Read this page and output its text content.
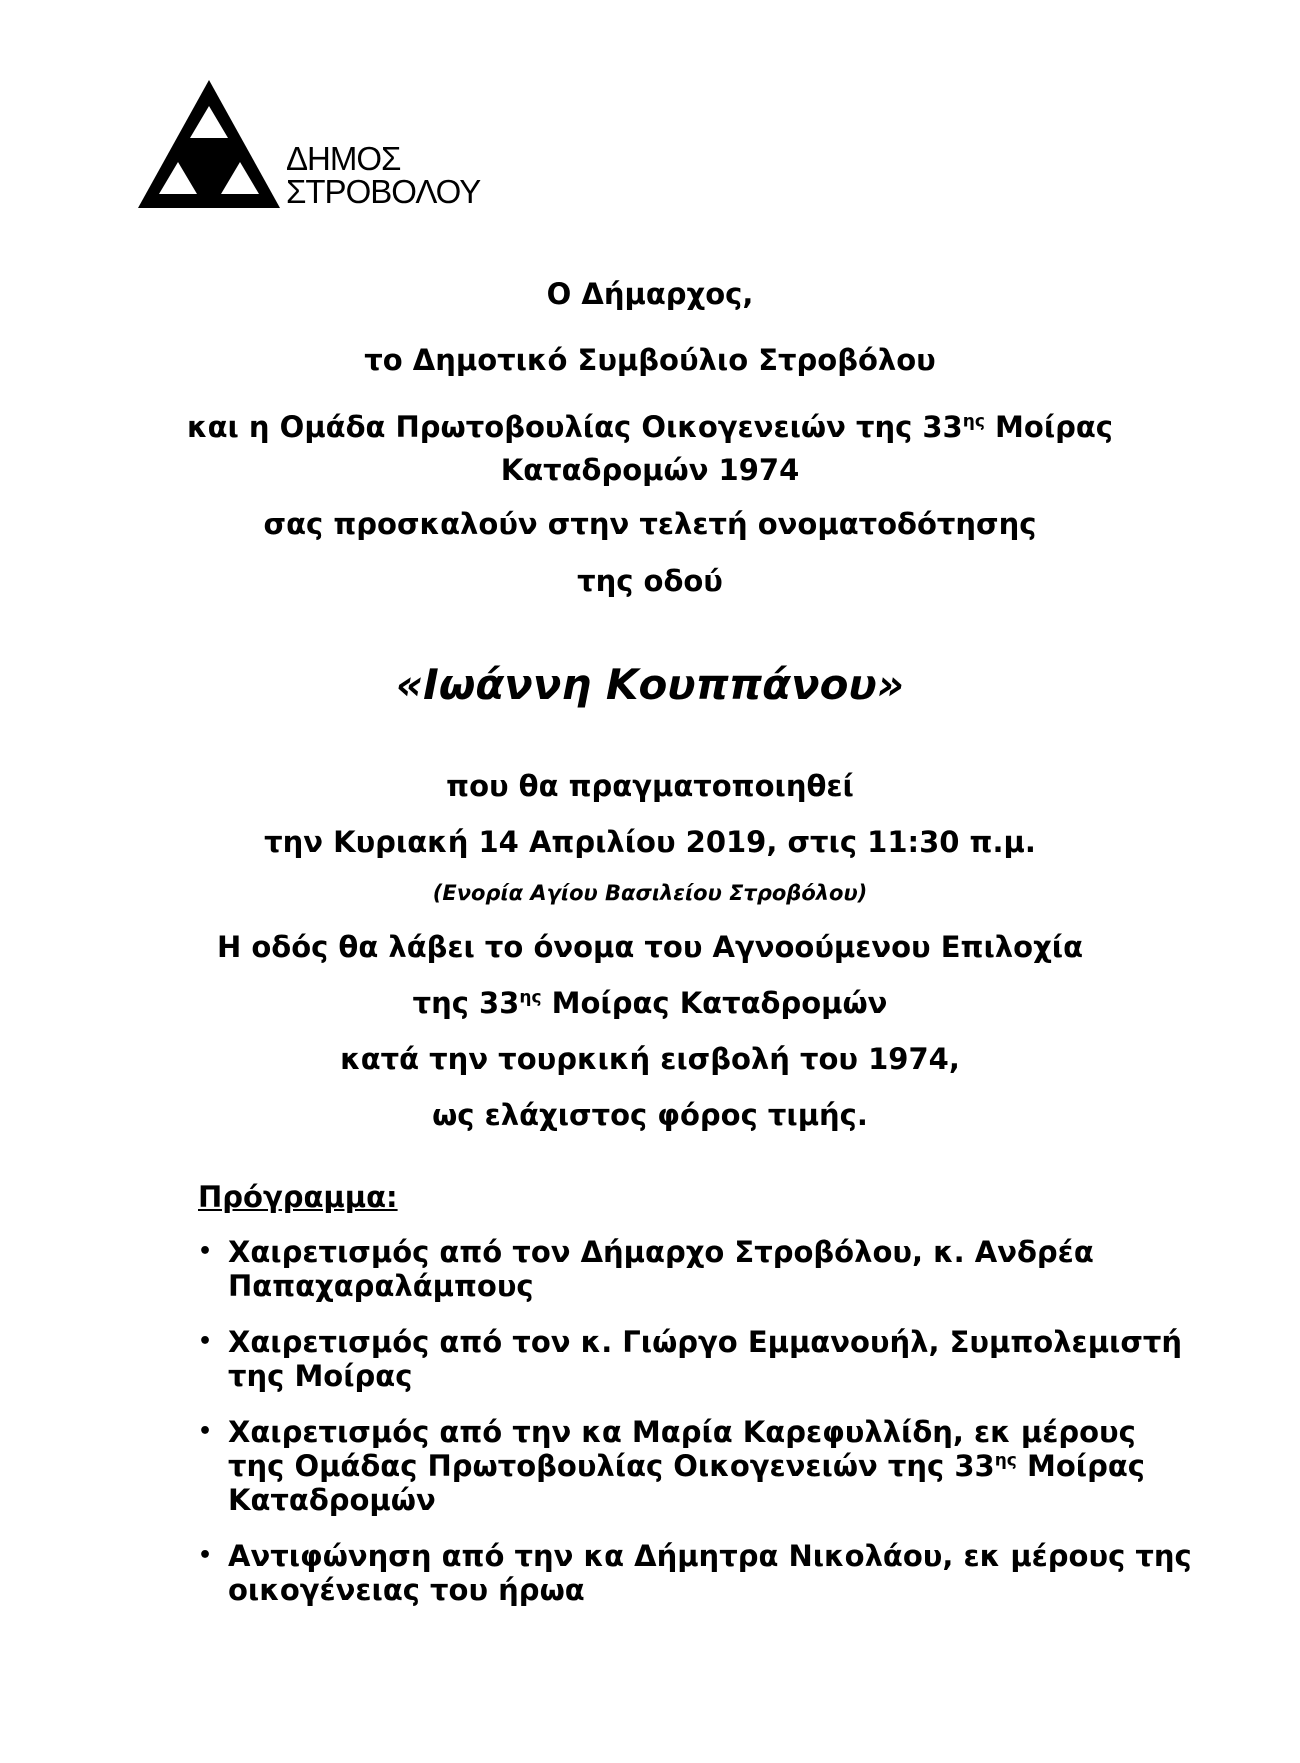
ΔΗΜΟΣ
ΣΤΡΟΒΟΛΟΥ
Ο Δήμαρχος,
το Δημοτικό Συμβούλιο Στροβόλου
και η Ομάδα Πρωτοβουλίας Οικογενειών της $33^{\eta\varsigma}$ Μοίρας
Καταδρομών 1974
σας προσκαλούν στην τελετή ονοματοδότησης
της οδού
«Ιωάννη Κουππάνου»
που θα πραγματοποιηθεί
την Κυριακή 14 Απριλίου 2019, στις 11:30 π.μ.
(Ενορία Αγίου Βασιλείου Στροβόλου)
Η οδός θα λάβει το όνομα του Αγνοούμενου Επιλοχία
της $33^{\eta\varsigma}$ Μοίρας Καταδρομών
κατά την τουρκική εισβολή του 1974,
ως ελάχιστος φόρος τιμής.
Πρόγραμμα:
• Χαιρετισμός από τον Δήμαρχο Στροβόλου, κ. Ανδρέα
Παπαχαραλάμπους
• Χαιρετισμός από τον κ. Γιώργο Εμμανουήλ, Συμπολεμιστή
της Μοίρας
• Χαιρετισμός από την κα Μαρία Καρεφυλλίδη, εκ μέρους
της Ομάδας Πρωτοβουλίας Οικογενειών της $33^{\eta\varsigma}$ Μοίρας
Καταδρομών
• Αντιφώνηση από την κα Δήμητρα Νικολάου, εκ μέρους της
οικογένειας του ήρωα
